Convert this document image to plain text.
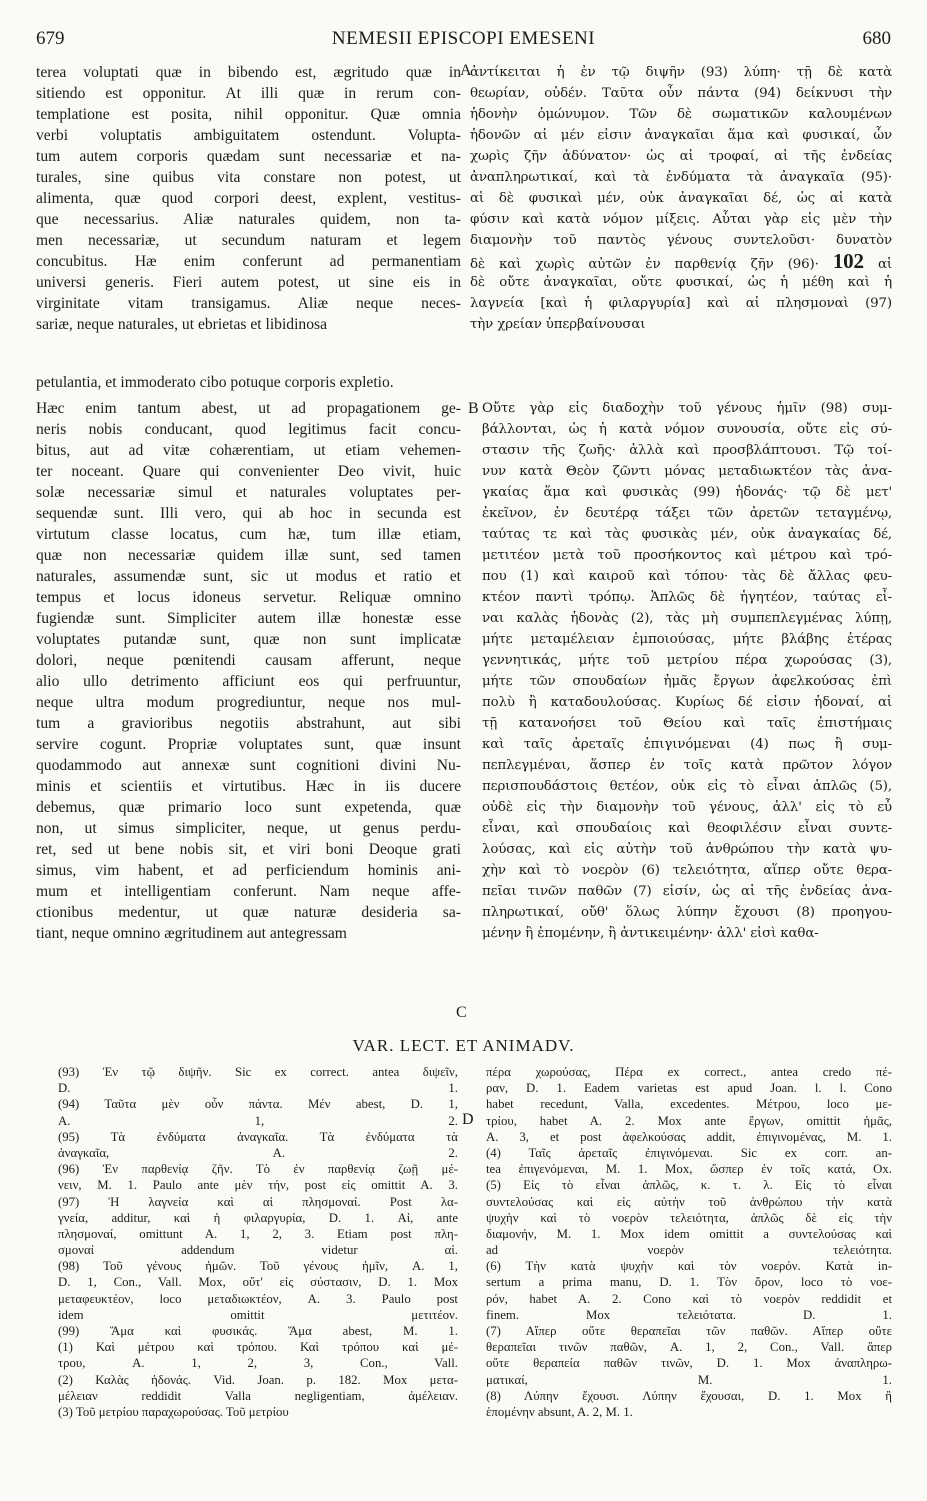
679	NEMESII EPISCOPI EMESENI	680
terea voluptati quæ in bibendo est, ægritudo quæ in
sitiendo est opponitur. At illi quæ in rerum con-
templatione est posita, nihil opponitur. Quæ omnia
verbi voluptatis ambiguitatem ostendunt. Volupta-
tum autem corporis quædam sunt necessariæ et na-
turales, sine quibus vita constare non potest, ut
alimenta, quæ quod corpori deest, explent, vestitus-
que necessarius. Aliæ naturales quidem, non ta-
men necessariæ, ut secundum naturam et legem
concubitus. Hæ enim conferunt ad permanentiam
universi generis. Fieri autem potest, ut sine eis in
virginitate vitam transigamus. Aliæ neque neces-
sariæ, neque naturales, ut ebrietas et libidinosa
petulantia, et immoderato cibo potuque corporis expletio.
Hæc enim tantum abest, ut ad propagationem ge-
neris nobis conducant, quod legitimus facit concu-
bitus, aut ad vitæ cohærentiam, ut etiam vehemen-
ter noceant. Quare qui convenienter Deo vivit, huic
solæ necessariæ simul et naturales voluptates per-
sequendæ sunt. Illi vero, qui ab hoc in secunda est
virtutum classe locatus, cum hæ, tum illæ etiam,
quæ non necessariæ quidem illæ sunt, sed tamen
naturales, assumendæ sunt, sic ut modus et ratio et
tempus et locus idoneus servetur. Reliquæ omnino
fugiendæ sunt. Simpliciter autem illæ honestæ esse
voluptates putandæ sunt, quæ non sunt implicatæ
dolori, neque pœnitendi causam afferunt, neque
alio ullo detrimento afficiunt eos qui perfruuntur,
neque ultra modum progrediuntur, neque nos mul-
tum a gravioribus negotiis abstrahunt, aut sibi
servire cogunt. Propriæ voluptates sunt, quæ insunt
quodammodo aut annexæ sunt cognitioni divini Nu-
minis et scientiis et virtutibus. Hæc in iis ducere
debemus, quæ primario loco sunt expetenda, quæ
non, ut simus simpliciter, neque, ut genus perdu-
ret, sed ut bene nobis sit, et viri boni Deoque grati
simus, vim habent, et ad perficiendum hominis ani-
mum et intelligentiam conferunt. Nam neque affe-
ctionibus medentur, ut quæ naturæ desideria sa-
tiant, neque omnino ægritudinem aut antegressam
ἀντίκειται ἡ ἐν τῷ διψῆν (93) λύπη· τῇ δὲ κατὰ
θεωρίαν, οὐδέν. Ταῦτα οὖν πάντα (94) δείκνυσι τὴν
ἡδονὴν ὁμώνυμον. Τῶν δὲ σωματικῶν καλουμένων
ἡδονῶν αἱ μέν εἰσιν ἀναγκαῖαι ἅμα καὶ φυσικαί, ὧν
χωρὶς ζῆν ἀδύνατον· ὡς αἱ τροφαί, αἱ τῆς ἐνδείας
ἀναπληρωτικαί, καὶ τὰ ἐνδύματα τὰ ἀναγκαῖα (95)·
αἱ δὲ φυσικαὶ μέν, οὐκ ἀναγκαῖαι δέ, ὡς αἱ κατὰ
φύσιν καὶ κατὰ νόμον μίξεις. Αὗται γὰρ εἰς μὲν τὴν
διαμονὴν τοῦ παντὸς γένους συντελοῦσι· δυνατὸν
δὲ καὶ χωρὶς αὐτῶν ἐν παρθενίᾳ ζῆν (96)· 102 αἱ
δὲ οὔτε ἀναγκαῖαι, οὔτε φυσικαί, ὡς ἡ μέθη καὶ ἡ
λαγνεία [καὶ ἡ φιλαργυρία] καὶ αἱ πλησμοναὶ (97)
τὴν χρείαν ὑπερβαίνουσαι
Οὔτε γὰρ εἰς διαδοχὴν τοῦ γένους ἡμῖν (98) συμ-
βάλλονται, ὡς ἡ κατὰ νόμον συνουσία, οὔτε εἰς σύ-
στασιν τῆς ζωῆς· ἀλλὰ καὶ προσβλάπτουσι. Τῷ τοί-
νυν κατὰ Θεὸν ζῶντι μόνας μεταδιωκτέον τὰς ἀνα-
γκαίας ἅμα καὶ φυσικὰς (99) ἡδονάς· τῷ δὲ μετ'
ἐκεῖνον, ἐν δευτέρᾳ τάξει τῶν ἀρετῶν τεταγμένῳ,
ταύτας τε καὶ τὰς φυσικὰς μέν, οὐκ ἀναγκαίας δέ,
μετιτέον μετὰ τοῦ προσήκοντος καὶ μέτρου καὶ τρό-
που (1) καὶ καιροῦ καὶ τόπου· τὰς δὲ ἄλλας φευ-
κτέον παντὶ τρόπῳ. Ἁπλῶς δὲ ἡγητέον, ταύτας εἶ-
ναι καλὰς ἡδονὰς (2), τὰς μὴ συμπεπλεγμένας λύπῃ,
μήτε μεταμέλειαν ἐμποιούσας, μήτε βλάβης ἑτέρας
γεννητικάς, μήτε τοῦ μετρίου πέρα χωρούσας (3),
μήτε τῶν σπουδαίων ἡμᾶς ἔργων ἀφελκούσας ἐπὶ
πολὺ ἢ καταδουλούσας. Κυρίως δέ εἰσιν ἡδοναί, αἱ
τῇ κατανοήσει τοῦ Θείου καὶ ταῖς ἐπιστήμαις
καὶ ταῖς ἀρεταῖς ἐπιγινόμεναι (4) πως ἢ συμ-
πεπλεγμέναι, ἅσπερ ἐν τοῖς κατὰ πρῶτον λόγον
περισπουδάστοις θετέον, οὐκ εἰς τὸ εἶναι ἁπλῶς (5),
οὐδὲ εἰς τὴν διαμονὴν τοῦ γένους, ἀλλ' εἰς τὸ εὖ
εἶναι, καὶ σπουδαίοις καὶ θεοφιλέσιν εἶναι συντε-
λούσας, καὶ εἰς αὐτὴν τοῦ ἀνθρώπου τὴν κατὰ ψυ-
χὴν καὶ τὸ νοερὸν (6) τελειότητα, αἵπερ οὔτε θερα-
πεῖαι τινῶν παθῶν (7) εἰσίν, ὡς αἱ τῆς ἐνδείας ἀνα-
πληρωτικαί, οὔθ' ὅλως λύπην ἔχουσι (8) προηγου-
μένην ἢ ἑπομένην, ἢ ἀντικειμένην· ἀλλ' εἰσὶ καθα-
A
B
C
D
VAR. LECT. ET ANIMADV.
(93) Ἐν τῷ διψῆν. Sic ex correct. antea διψεῖν,
D. 1.
(94) Ταῦτα μὲν οὖν πάντα. Μέν abest, D. 1,
A. 1, 2.
(95) Τὰ ἐνδύματα ἀναγκαῖα. Τὰ ἐνδύματα τὰ
ἀναγκαῖα, A. 2.
(96) Ἐν παρθενίᾳ ζῆν. Τὸ ἐν παρθενίᾳ ζωῇ μέ-
νειν, M. 1. Paulo ante μὲν τήν, post εἰς omittit A. 3.
(97) Ἡ λαγνεία καὶ αἱ πλησμοναί. Post λα-
γνεία, additur, καὶ ἡ φιλαργυρία, D. 1. Αἱ, ante
πλησμοναί, omittunt A. 1, 2, 3. Etiam post πλη-
σμοναί addendum videtur αἱ.
(98) Τοῦ γένους ἡμῶν. Τοῦ γένους ἡμῖν, A. 1,
D. 1, Con., Vall. Mox, οὔτ' εἰς σύστασιν, D. 1. Mox
μεταφευκτέον, loco μεταδιωκτέον, A. 3. Paulo post
idem omittit μετιτέον.
(99) Ἅμα καὶ φυσικάς. Ἅμα abest, M. 1.
(1) Καὶ μέτρου καὶ τρόπου. Καὶ τρόπου καὶ μέ-
τρου, A. 1, 2, 3, Con., Vall.
(2) Καλὰς ἡδονάς. Vid. Joan. p. 182. Mox μετα-
μέλειαν reddidit Valla negligentiam, ἀμέλειαν.
(3) Τοῦ μετρίου παραχωρούσας. Τοῦ μετρίου
πέρα χωρούσας, Πέρα ex correct., antea credo πέ-
ραν, D. 1. Eadem varietas est apud Joan. l. l. Cono
habet recedunt, Valla, excedentes. Μέτρου, loco με-
τρίου, habet A. 2. Mox ante ἔργων, omittit ἡμᾶς,
A. 3, et post ἀφελκούσας addit, ἐπιγινομένας, M. 1.
(4) Ταῖς ἀρεταῖς ἐπιγινόμεναι. Sic ex corr. an-
tea ἐπιγενόμεναι, M. 1. Mox, ὥσπερ ἐν τοῖς κατά, Ox.
(5) Εἰς τὸ εἶναι ἁπλῶς, κ. τ. λ. Εἰς τὸ εἶναι
συντελούσας καὶ εἰς αὐτὴν τοῦ ἀνθρώπου τὴν κατὰ
ψυχὴν καὶ τὸ νοερὸν τελειότητα, ἁπλῶς δὲ εἰς τὴν
διαμονήν, M. 1. Mox idem omittit a συντελούσας καὶ
ad νοερὸν τελειότητα.
(6) Τὴν κατὰ ψυχὴν καὶ τὸν νοερόν. Κατὰ in-
sertum a prima manu, D. 1. Τὸν ὅρον, loco τὸ νοε-
ρόν, habet A. 2. Cono καὶ τὸ νοερὸν reddidit et
finem. Mox τελειότατα. D. 1.
(7) Αἵπερ οὔτε θεραπεῖαι τῶν παθῶν. Αἵπερ οὔτε
θεραπεῖαι τινῶν παθῶν, A. 1, 2, Con., Vall. ἅπερ
οὔτε θεραπεία παθῶν τινῶν, D. 1. Mox ἀναπληρω-
ματικαί, M. 1.
(8) Λύπην ἔχουσι. Λύπην ἔχουσαι, D. 1. Mox ἢ
ἑπομένην absunt, A. 2, M. 1.
